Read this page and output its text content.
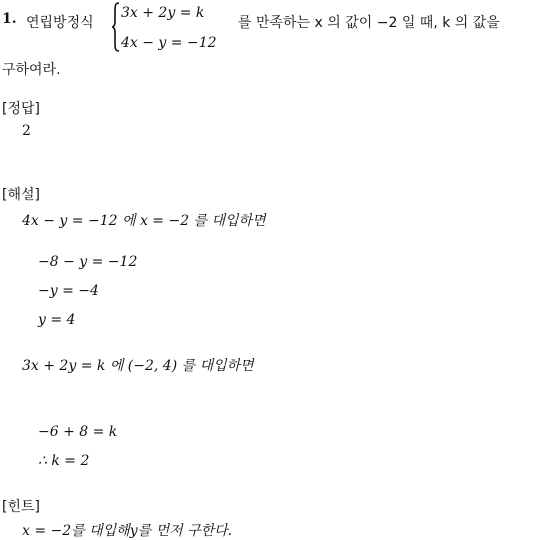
1. 연립방정식
3x + 2y = k
4x − y = −12
를 만족하는 x 의 값이 −2 일 때, k 의 값을
구하여라.
[정답]
2
[해설]
4x − y = −12 에 x = −2 를 대입하면
−8 − y = −12
−y = −4
y = 4
3x + 2y = k 에 (−2, 4) 를 대입하면
−6 + 8 = k
∴ k = 2
[힌트]
x = −2를 대입해y를 먼저 구한다.
